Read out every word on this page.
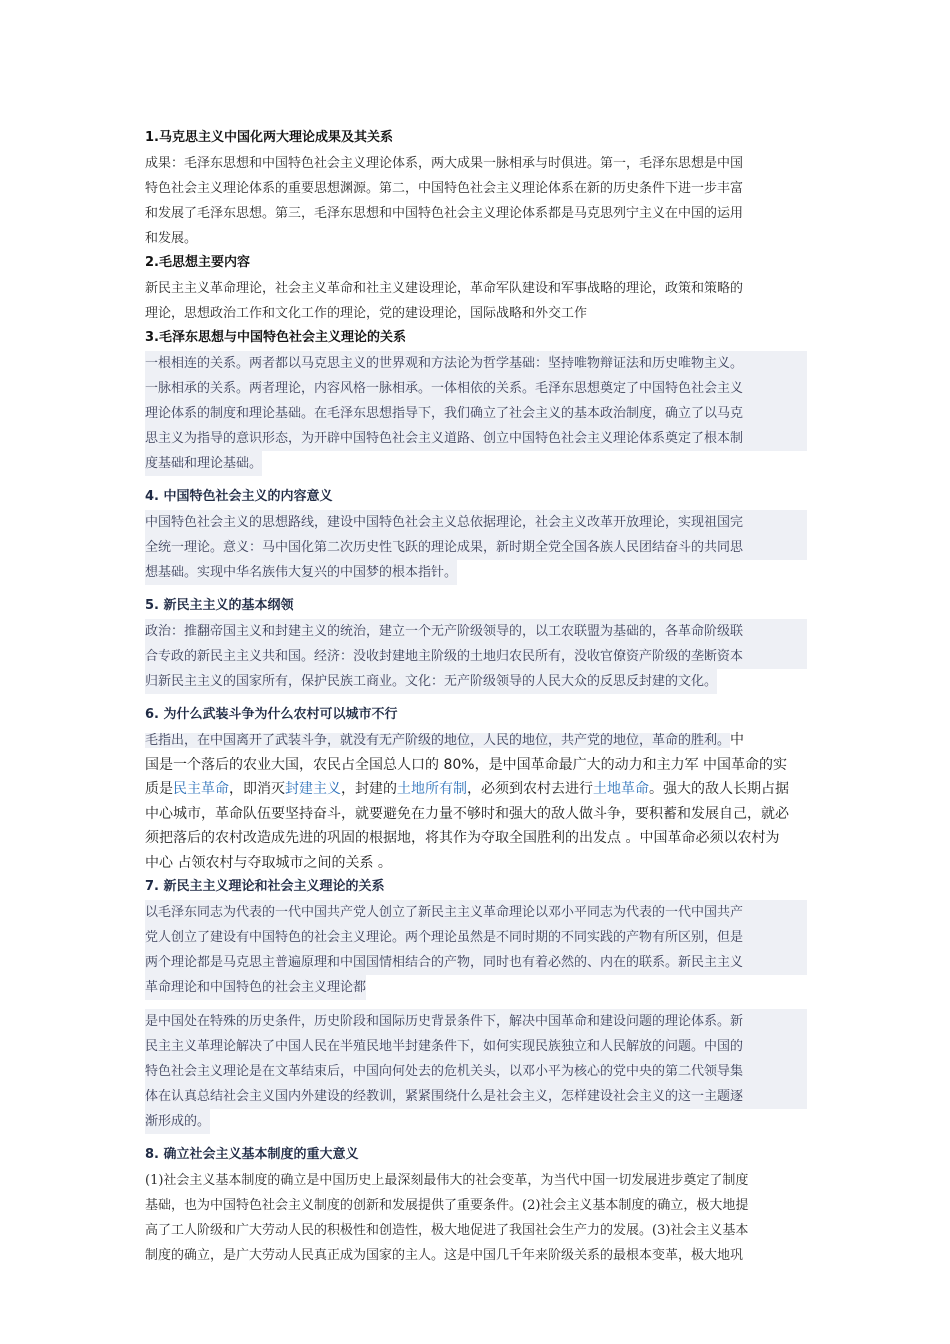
1.马克思主义中国化两大理论成果及其关系
成果：毛泽东思想和中国特色社会主义理论体系，两大成果一脉相承与时俱进。第一，毛泽东思想是中国
特色社会主义理论体系的重要思想渊源。第二，中国特色社会主义理论体系在新的历史条件下进一步丰富
和发展了毛泽东思想。第三，毛泽东思想和中国特色社会主义理论体系都是马克思列宁主义在中国的运用
和发展。
2.毛思想主要内容
新民主主义革命理论，社会主义革命和社主义建设理论，革命军队建设和军事战略的理论，政策和策略的
理论，思想政治工作和文化工作的理论，党的建设理论，国际战略和外交工作
3.毛泽东思想与中国特色社会主义理论的关系
一根相连的关系。两者都以马克思主义的世界观和方法论为哲学基础：坚持唯物辩证法和历史唯物主义。
一脉相承的关系。两者理论，内容风格一脉相承。一体相依的关系。毛泽东思想奠定了中国特色社会主义
理论体系的制度和理论基础。在毛泽东思想指导下，我们确立了社会主义的基本政治制度，确立了以马克
思主义为指导的意识形态，为开辟中国特色社会主义道路、创立中国特色社会主义理论体系奠定了根本制
度基础和理论基础。
4. 中国特色社会主义的内容意义
中国特色社会主义的思想路线，建设中国特色社会主义总依据理论，社会主义改革开放理论，实现祖国完
全统一理论。意义：马中国化第二次历史性飞跃的理论成果，新时期全党全国各族人民团结奋斗的共同思
想基础。实现中华名族伟大复兴的中国梦的根本指针。
5. 新民主主义的基本纲领
政治：推翻帝国主义和封建主义的统治，建立一个无产阶级领导的，以工农联盟为基础的，各革命阶级联
合专政的新民主主义共和国。经济：没收封建地主阶级的土地归农民所有，没收官僚资产阶级的垄断资本
归新民主主义的国家所有，保护民族工商业。文化：无产阶级领导的人民大众的反思反封建的文化。
6. 为什么武装斗争为什么农村可以城市不行
毛指出，在中国离开了武装斗争，就没有无产阶级的地位，人民的地位，共产党的地位，革命的胜利。中
国是一个落后的农业大国，农民占全国总人口的 80%，是中国革命最广大的动力和主力军 中国革命的实
质是民主革命，即消灭封建主义，封建的土地所有制，必须到农村去进行土地革命。强大的敌人长期占据
中心城市，革命队伍要坚持奋斗，就要避免在力量不够时和强大的敌人做斗争，要积蓄和发展自己，就必
须把落后的农村改造成先进的巩固的根据地，将其作为夺取全国胜利的出发点 。中国革命必须以农村为
中心 占领农村与夺取城市之间的关系 。
7. 新民主主义理论和社会主义理论的关系
以毛泽东同志为代表的一代中国共产党人创立了新民主主义革命理论以邓小平同志为代表的一代中国共产
党人创立了建设有中国特色的社会主义理论。两个理论虽然是不同时期的不同实践的产物有所区别，但是
两个理论都是马克思主普遍原理和中国国情相结合的产物，同时也有着必然的、内在的联系。新民主主义
革命理论和中国特色的社会主义理论都
是中国处在特殊的历史条件，历史阶段和国际历史背景条件下，解决中国革命和建设问题的理论体系。新
民主主义革理论解决了中国人民在半殖民地半封建条件下，如何实现民族独立和人民解放的问题。中国的
特色社会主义理论是在文革结束后，中国向何处去的危机关头，以邓小平为核心的党中央的第二代领导集
体在认真总结社会主义国内外建设的经教训，紧紧围绕什么是社会主义，怎样建设社会主义的这一主题逐
渐形成的。
8. 确立社会主义基本制度的重大意义
(1)社会主义基本制度的确立是中国历史上最深刻最伟大的社会变革，为当代中国一切发展进步奠定了制度
基础，也为中国特色社会主义制度的创新和发展提供了重要条件。(2)社会主义基本制度的确立，极大地提
高了工人阶级和广大劳动人民的积极性和创造性，极大地促进了我国社会生产力的发展。(3)社会主义基本
制度的确立，是广大劳动人民真正成为国家的主人。这是中国几千年来阶级关系的最根本变革，极大地巩
